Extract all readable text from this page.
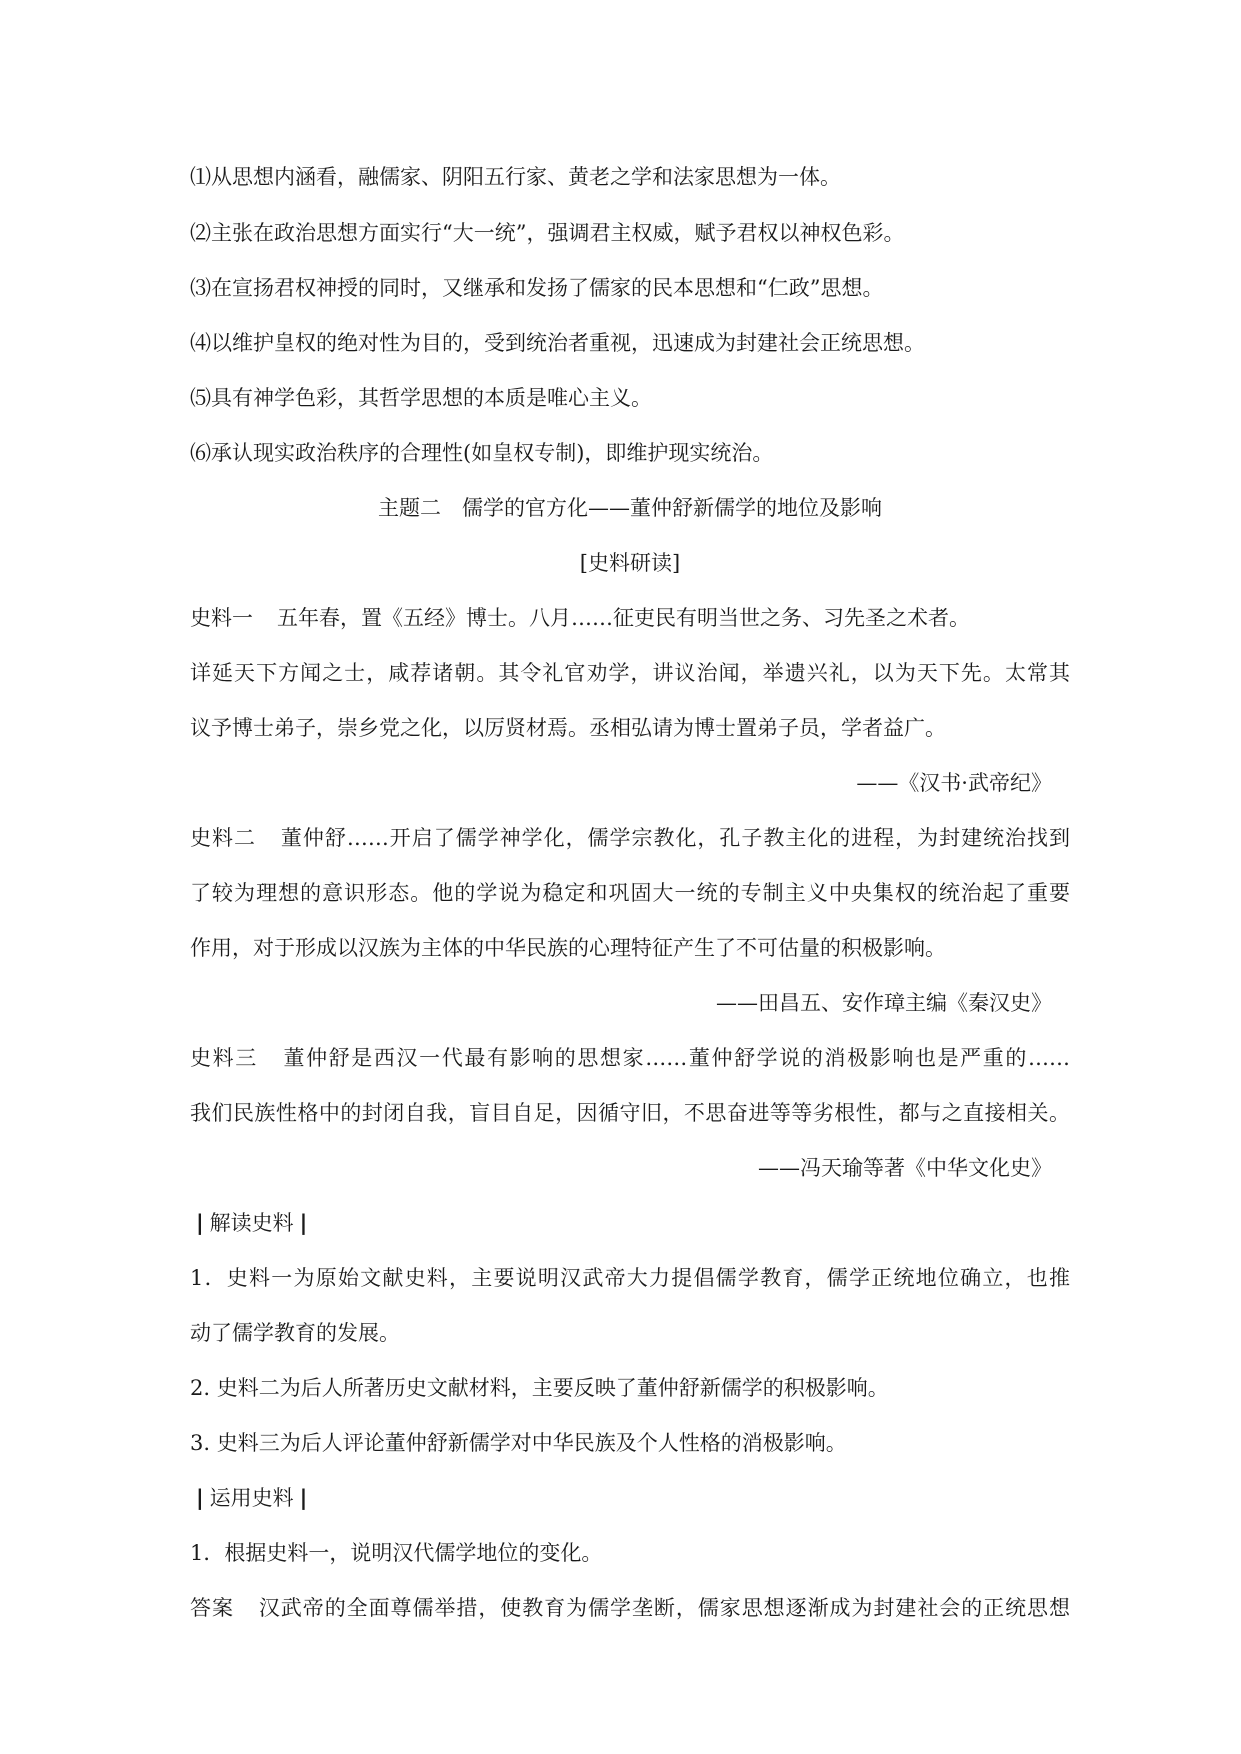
⑴从思想内涵看，融儒家、阴阳五行家、黄老之学和法家思想为一体。
⑵主张在政治思想方面实行“大一统”，强调君主权威，赋予君权以神权色彩。
⑶在宣扬君权神授的同时，又继承和发扬了儒家的民本思想和“仁政”思想。
⑷以维护皇权的绝对性为目的，受到统治者重视，迅速成为封建社会正统思想。
⑸具有神学色彩，其哲学思想的本质是唯心主义。
⑹承认现实政治秩序的合理性(如皇权专制)，即维护现实统治。
主题二　儒学的官方化——董仲舒新儒学的地位及影响
[史料研读]
史料一 五年春，置《五经》博士。八月……征吏民有明当世之务、习先圣之术者。
详延天下方闻之士，咸荐诸朝。其令礼官劝学，讲议治闻，举遗兴礼，以为天下先。太常其
议予博士弟子，崇乡党之化，以厉贤材焉。丞相弘请为博士置弟子员，学者益广。
——《汉书·武帝纪》
史料二 董仲舒……开启了儒学神学化，儒学宗教化，孔子教主化的进程，为封建统治找到
了较为理想的意识形态。他的学说为稳定和巩固大一统的专制主义中央集权的统治起了重要
作用，对于形成以汉族为主体的中华民族的心理特征产生了不可估量的积极影响。
——田昌五、安作璋主编《秦汉史》
史料三 董仲舒是西汉一代最有影响的思想家……董仲舒学说的消极影响也是严重的……
我们民族性格中的封闭自我，盲目自足，因循守旧，不思奋进等等劣根性，都与之直接相关。
——冯天瑜等著《中华文化史》
| 解读史料 |
1．史料一为原始文献史料，主要说明汉武帝大力提倡儒学教育，儒学正统地位确立，也推
动了儒学教育的发展。
2. 史料二为后人所著历史文献材料，主要反映了董仲舒新儒学的积极影响。
3. 史料三为后人评论董仲舒新儒学对中华民族及个人性格的消极影响。
| 运用史料 |
1．根据史料一，说明汉代儒学地位的变化。
答案 汉武帝的全面尊儒举措，使教育为儒学垄断，儒家思想逐渐成为封建社会的正统思想
